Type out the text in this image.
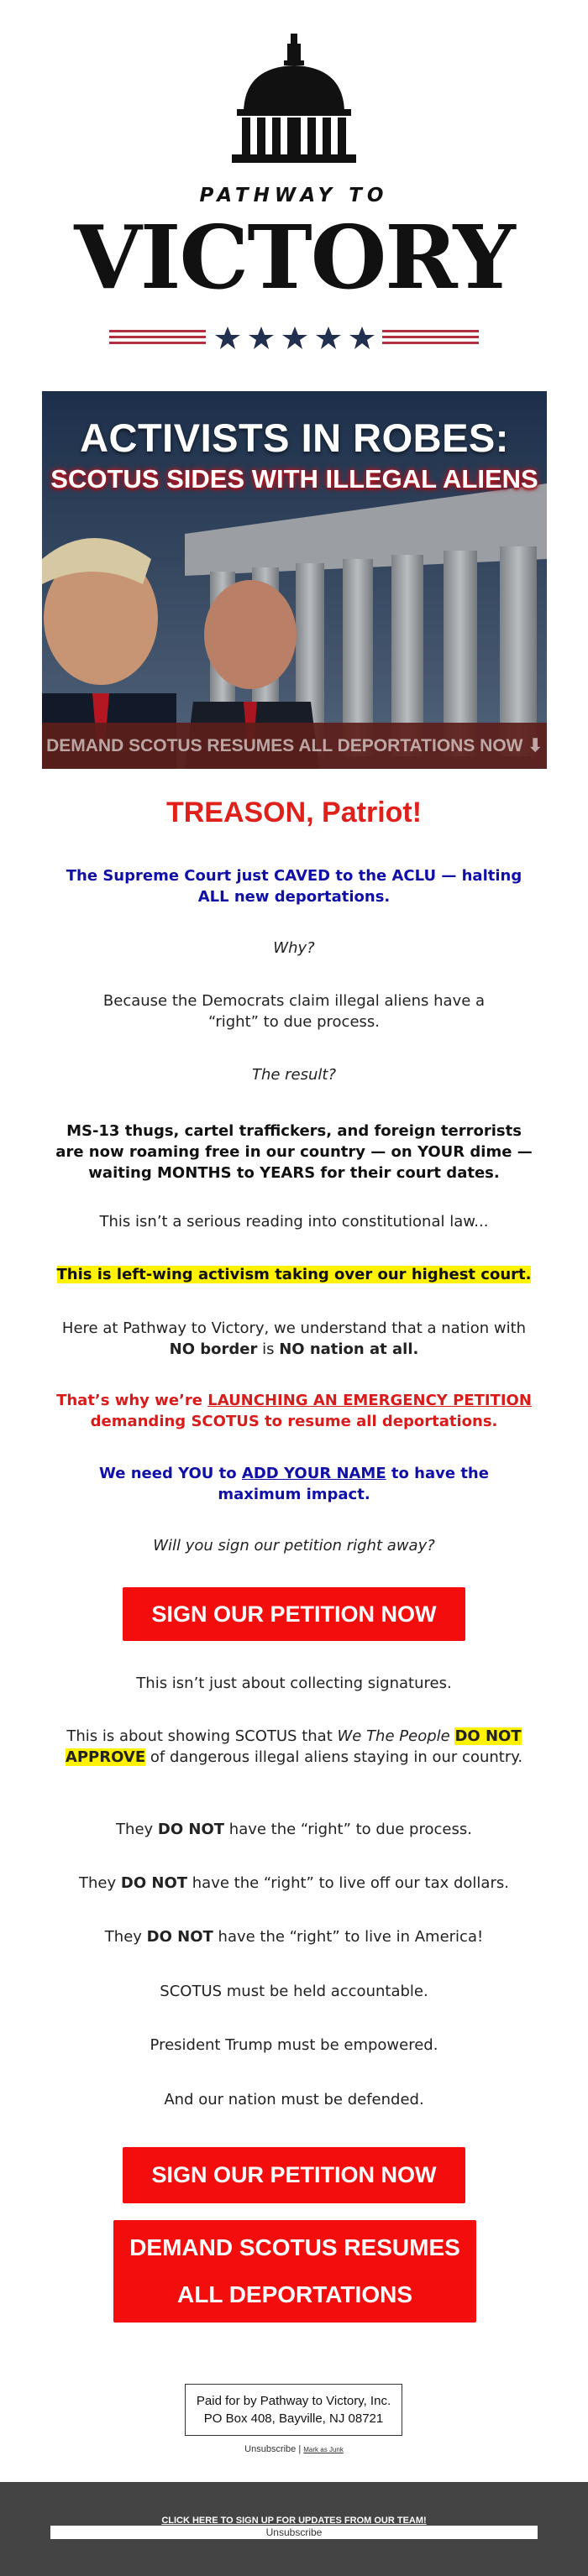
PATHWAY TO
VICTORY
ACTIVISTS IN ROBES:
SCOTUS SIDES WITH ILLEGAL ALIENS
DEMAND SCOTUS RESUMES ALL DEPORTATIONS NOW ⬇
TREASON, Patriot!
The Supreme Court just CAVED to the ACLU — halting ALL new deportations.
Why?
Because the Democrats claim illegal aliens have a “right” to due process.
The result?
MS-13 thugs, cartel traffickers, and foreign terrorists are now roaming free in our country — on YOUR dime — waiting MONTHS to YEARS for their court dates.
This isn’t a serious reading into constitutional law...
This is left-wing activism taking over our highest court.
Here at Pathway to Victory, we understand that a nation with NO border is NO nation at all.
That’s why we’re LAUNCHING AN EMERGENCY PETITION demanding SCOTUS to resume all deportations.
We need YOU to ADD YOUR NAME to have the maximum impact.
Will you sign our petition right away?
SIGN OUR PETITION NOW
This isn’t just about collecting signatures.
This is about showing SCOTUS that We The People DO NOT APPROVE of dangerous illegal aliens staying in our country.
They DO NOT have the “right” to due process.
They DO NOT have the “right” to live off our tax dollars.
They DO NOT have the “right” to live in America!
SCOTUS must be held accountable.
President Trump must be empowered.
And our nation must be defended.
SIGN OUR PETITION NOW
DEMAND SCOTUS RESUMES
ALL DEPORTATIONS
Paid for by Pathway to Victory, Inc.
PO Box 408, Bayville, NJ 08721
Unsubscribe | Mark as Junk
CLICK HERE TO SIGN UP FOR UPDATES FROM OUR TEAM!
Unsubscribe
